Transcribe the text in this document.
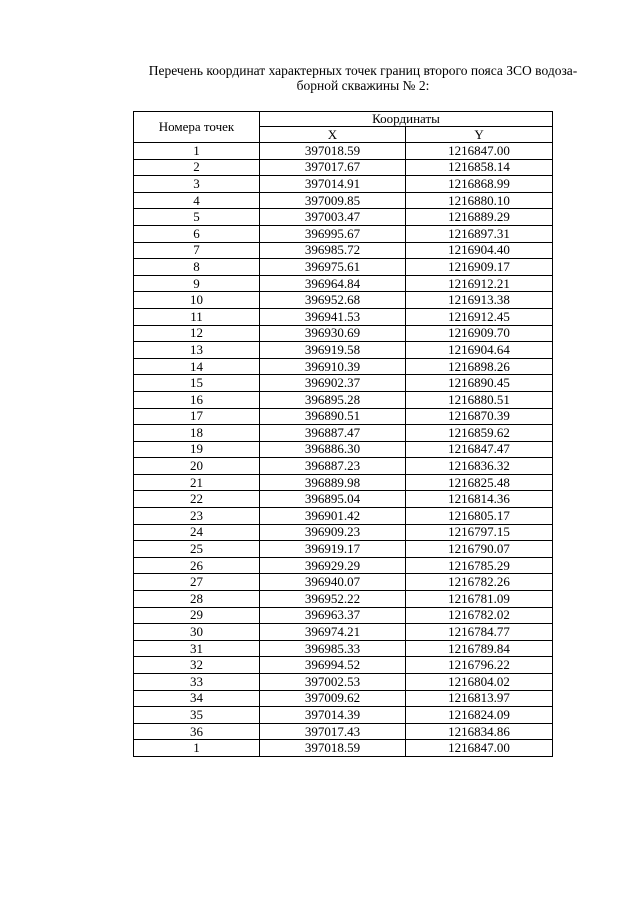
Перечень координат характерных точек границ второго пояса ЗСО водоза-
борной скважины № 2:
Номера точек	Координаты	
	X	Y
1	397018.59	1216847.00
2	397017.67	1216858.14
3	397014.91	1216868.99
4	397009.85	1216880.10
5	397003.47	1216889.29
6	396995.67	1216897.31
7	396985.72	1216904.40
8	396975.61	1216909.17
9	396964.84	1216912.21
10	396952.68	1216913.38
11	396941.53	1216912.45
12	396930.69	1216909.70
13	396919.58	1216904.64
14	396910.39	1216898.26
15	396902.37	1216890.45
16	396895.28	1216880.51
17	396890.51	1216870.39
18	396887.47	1216859.62
19	396886.30	1216847.47
20	396887.23	1216836.32
21	396889.98	1216825.48
22	396895.04	1216814.36
23	396901.42	1216805.17
24	396909.23	1216797.15
25	396919.17	1216790.07
26	396929.29	1216785.29
27	396940.07	1216782.26
28	396952.22	1216781.09
29	396963.37	1216782.02
30	396974.21	1216784.77
31	396985.33	1216789.84
32	396994.52	1216796.22
33	397002.53	1216804.02
34	397009.62	1216813.97
35	397014.39	1216824.09
36	397017.43	1216834.86
1	397018.59	1216847.00
